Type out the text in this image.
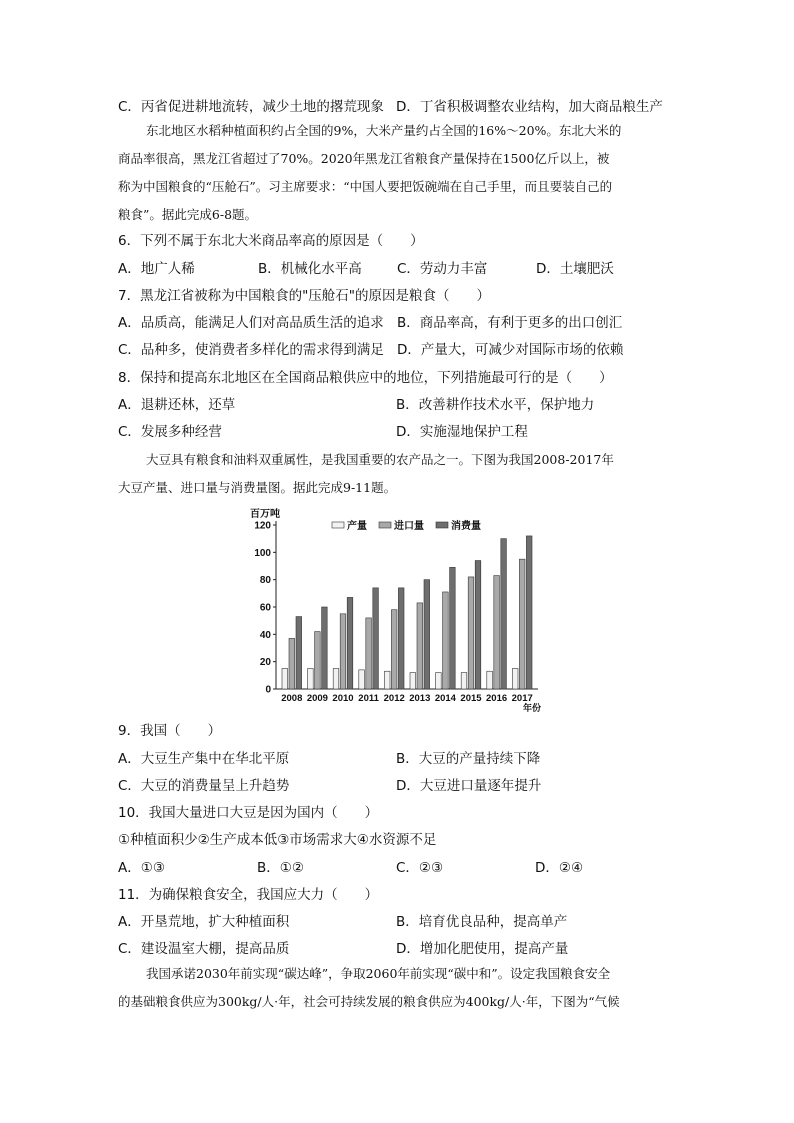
C．丙省促进耕地流转，减少土地的撂荒现象 D．丁省积极调整农业结构，加大商品粮生产
东北地区水稻种植面积约占全国的9%，大米产量约占全国的16%～20%。东北大米的
商品率很高，黑龙江省超过了70%。2020年黑龙江省粮食产量保持在1500亿斤以上，被
称为中国粮食的“压舱石”。习主席要求：“中国人要把饭碗端在自己手里，而且要装自己的
粮食”。据此完成6-8题。
6．下列不属于东北大米商品率高的原因是（　　）
A．地广人稀	B．机械化水平高	C．劳动力丰富	D．土壤肥沃
7．黑龙江省被称为中国粮食的"压舱石"的原因是粮食（　　）
A．品质高，能满足人们对高品质生活的追求 B．商品率高，有利于更多的出口创汇
C．品种多，使消费者多样化的需求得到满足 D．产量大，可减少对国际市场的依赖
8．保持和提高东北地区在全国商品粮供应中的地位，下列措施最可行的是（　　）
A．退耕还林，还草	B．改善耕作技术水平，保护地力
C．发展多种经营	D．实施湿地保护工程
大豆具有粮食和油料双重属性，是我国重要的农产品之一。下图为我国2008-2017年
大豆产量、进口量与消费量图。据此完成9-11题。
百万吨
0
20
40
60
80
100
120
2008 2009 2010 2011 2012 2013 2014 2015 2016 2017
年份
产量	进口量	消费量
9．我国（　　）
A．大豆生产集中在华北平原	B．大豆的产量持续下降
C．大豆的消费量呈上升趋势	D．大豆进口量逐年提升
10．我国大量进口大豆是因为国内（　　）
①种植面积少②生产成本低③市场需求大④水资源不足
A．①③	B．①②	C．②③	D．②④
11．为确保粮食安全，我国应大力（　　）
A．开垦荒地，扩大种植面积	B．培育优良品种，提高单产
C．建设温室大棚，提高品质	D．增加化肥使用，提高产量
我国承诺2030年前实现“碳达峰”，争取2060年前实现“碳中和”。设定我国粮食安全
的基础粮食供应为300kg/人·年，社会可持续发展的粮食供应为400kg/人·年，下图为“气候
